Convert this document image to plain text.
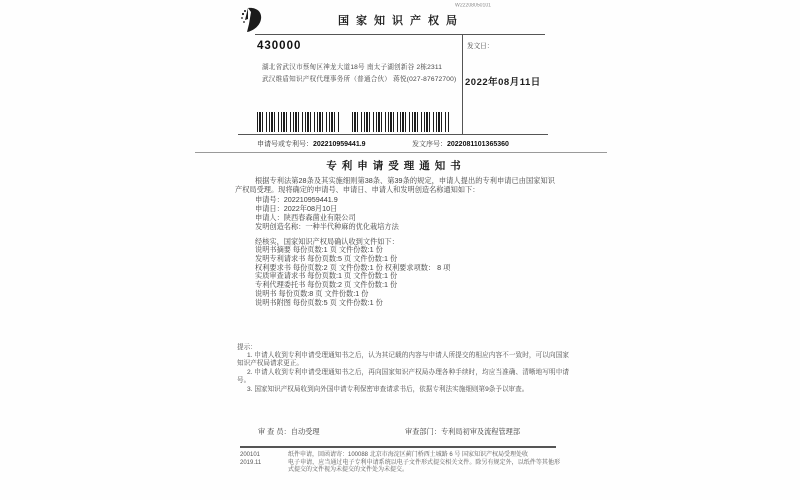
W22208050101
国家知识产权局
430000
湖北省武汉市蔡甸区神龙大道18号 南太子湖创新谷 2栋2311
武汉维盾知识产权代理事务所（普通合伙） 蒋悦(027-87672700)
发文日：
2022年08月11日
申请号或专利号：202210959441.9	发文序号：2022081101365360
专利申请受理通知书
根据专利法第28条及其实施细则第38条、第39条的规定，申请人提出的专利申请已由国家知识产权局受理。现将确定的申请号、申请日、申请人和发明创造名称通知如下：
申请号：202210959441.9
申请日：2022年08月10日
申请人：陕西春森菌业有限公司
发明创造名称：一种半代种麻的优化栽培方法
经核实，国家知识产权局确认收到文件如下：
说明书摘要 每份页数:1 页 文件份数:1 份
发明专利请求书 每份页数:5 页 文件份数:1 份
权利要求书 每份页数:2 页 文件份数:1 份 权利要求项数： 8 项
实质审查请求书 每份页数:1 页 文件份数:1 份
专利代理委托书 每份页数:2 页 文件份数:1 份
说明书 每份页数:8 页 文件份数:1 份
说明书附图 每份页数:5 页 文件份数:1 份
提示：
1. 申请人收到专利申请受理通知书之后，认为其记载的内容与申请人所提交的相应内容不一致时，可以向国家知识产权局请求更正。
2. 申请人收到专利申请受理通知书之后，再向国家知识产权局办理各种手续时，均应当准确、清晰地写明申请号。
3. 国家知识产权局收到向外国申请专利保密审查请求书后，依据专利法实施细则第9条予以审查。
审 查 员：自动受理	审查部门：专利局初审及流程管理部
200101	纸件申请，回函请寄：100088 北京市海淀区蓟门桥西土城路 6 号 国家知识产权局受理处收
2019.11	电子申请，应当通过电子专利申请系统以电子文件形式提交相关文件。除另有规定外，以纸件等其他形式提交的文件视为未提交的文件处为未提交。
